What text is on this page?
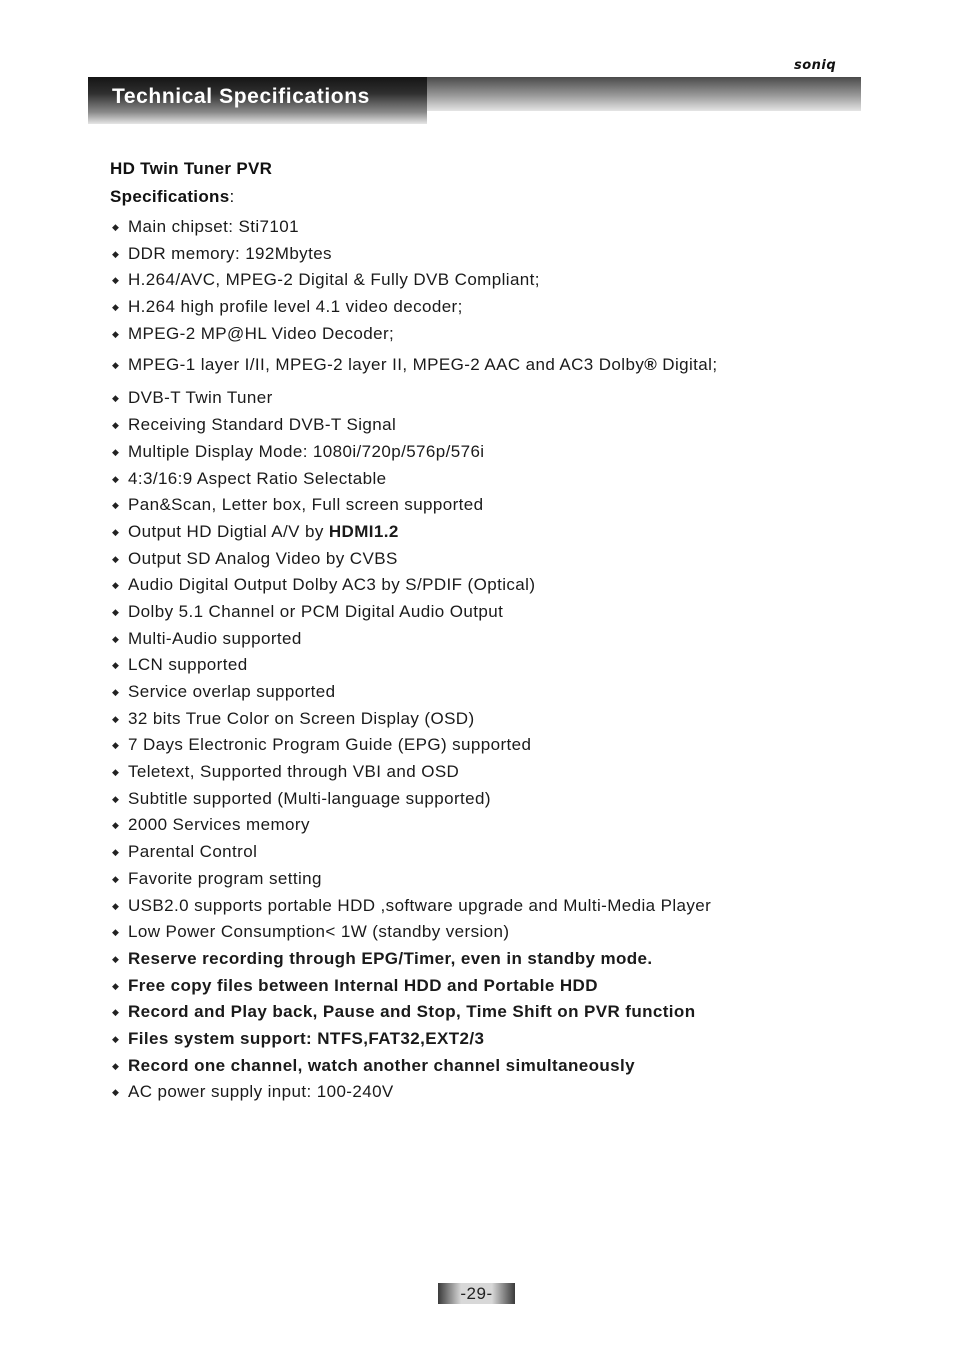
soniq
Technical Specifications
HD Twin Tuner PVR
Specifications:
◆ Main chipset: Sti7101
◆ DDR memory: 192Mbytes
◆ H.264/AVC, MPEG-2 Digital & Fully DVB Compliant;
◆ H.264 high profile level 4.1 video decoder;
◆ MPEG-2 MP@HL Video Decoder;
◆ MPEG-1 layer I/II, MPEG-2 layer II, MPEG-2 AAC and AC3 Dolby® Digital;
◆ DVB-T Twin Tuner
◆ Receiving Standard DVB-T Signal
◆ Multiple Display Mode: 1080i/720p/576p/576i
◆ 4:3/16:9 Aspect Ratio Selectable
◆ Pan&Scan, Letter box, Full screen supported
◆ Output HD Digtial A/V by HDMI1.2
◆ Output SD Analog Video by CVBS
◆ Audio Digital Output Dolby AC3 by S/PDIF (Optical)
◆ Dolby 5.1 Channel or PCM Digital Audio Output
◆ Multi-Audio supported
◆ LCN supported
◆ Service overlap supported
◆ 32 bits True Color on Screen Display (OSD)
◆ 7 Days Electronic Program Guide (EPG) supported
◆ Teletext, Supported through VBI and OSD
◆ Subtitle supported (Multi-language supported)
◆ 2000 Services memory
◆ Parental Control
◆ Favorite program setting
◆ USB2.0 supports portable HDD ,software upgrade and Multi-Media Player
◆ Low Power Consumption< 1W (standby version)
◆ Reserve recording through EPG/Timer, even in standby mode.
◆ Free copy files between Internal HDD and Portable HDD
◆ Record and Play back, Pause and Stop, Time Shift on PVR function
◆ Files system support: NTFS,FAT32,EXT2/3
◆ Record one channel, watch another channel simultaneously
◆ AC power supply input: 100-240V
-29-
